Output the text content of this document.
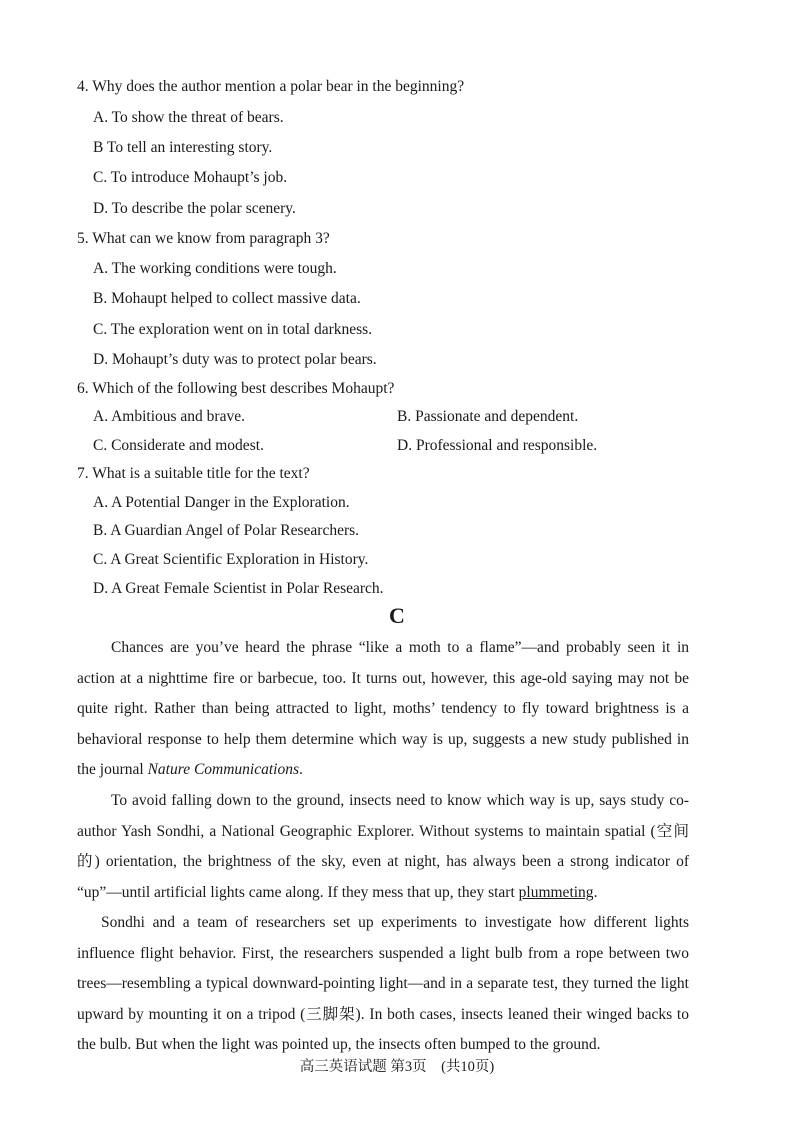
4. Why does the author mention a polar bear in the beginning?
A. To show the threat of bears.
B To tell an interesting story.
C. To introduce Mohaupt’s job.
D. To describe the polar scenery.
5. What can we know from paragraph 3?
A. The working conditions were tough.
B. Mohaupt helped to collect massive data.
C. The exploration went on in total darkness.
D. Mohaupt’s duty was to protect polar bears.
6. Which of the following best describes Mohaupt?
A. Ambitious and brave.	B. Passionate and dependent.
C. Considerate and modest.	D. Professional and responsible.
7. What is a suitable title for the text?
A. A Potential Danger in the Exploration.
B. A Guardian Angel of Polar Researchers.
C. A Great Scientific Exploration in History.
D. A Great Female Scientist in Polar Research.
C

Chances are you’ve heard the phrase “like a moth to a flame”—and probably seen it in action at a nighttime fire or barbecue, too. It turns out, however, this age-old saying may not be quite right. Rather than being attracted to light, moths’ tendency to fly toward brightness is a behavioral response to help them determine which way is up, suggests a new study published in the journal Nature Communications.

To avoid falling down to the ground, insects need to know which way is up, says study co-author Yash Sondhi, a National Geographic Explorer. Without systems to maintain spatial (空间的) orientation, the brightness of the sky, even at night, has always been a strong indicator of “up”—until artificial lights came along. If they mess that up, they start plummeting.

Sondhi and a team of researchers set up experiments to investigate how different lights influence flight behavior. First, the researchers suspended a light bulb from a rope between two trees—resembling a typical downward-pointing light—and in a separate test, they turned the light upward by mounting it on a tripod (三脚架). In both cases, insects leaned their winged backs to the bulb. But when the light was pointed up, the insects often bumped to the ground.

高三英语试题 第3页　(共10页)
